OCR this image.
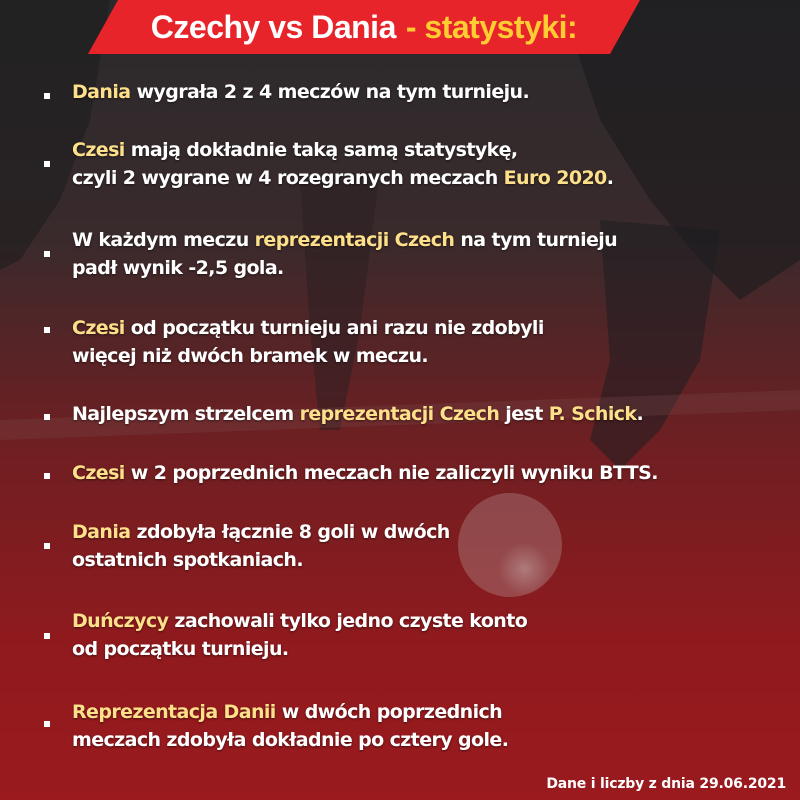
Czechy vs Dania - statystyki:
Dania wygrała 2 z 4 meczów na tym turnieju.
Czesi mają dokładnie taką samą statystykę,
czyli 2 wygrane w 4 rozegranych meczach Euro 2020.
W każdym meczu reprezentacji Czech na tym turnieju
padł wynik -2,5 gola.
Czesi od początku turnieju ani razu nie zdobyli
więcej niż dwóch bramek w meczu.
Najlepszym strzelcem reprezentacji Czech jest P. Schick.
Czesi w 2 poprzednich meczach nie zaliczyli wyniku BTTS.
Dania zdobyła łącznie 8 goli w dwóch
ostatnich spotkaniach.
Duńczycy zachowali tylko jedno czyste konto
od początku turnieju.
Reprezentacja Danii w dwóch poprzednich
meczach zdobyła dokładnie po cztery gole.
Dane i liczby z dnia 29.06.2021
